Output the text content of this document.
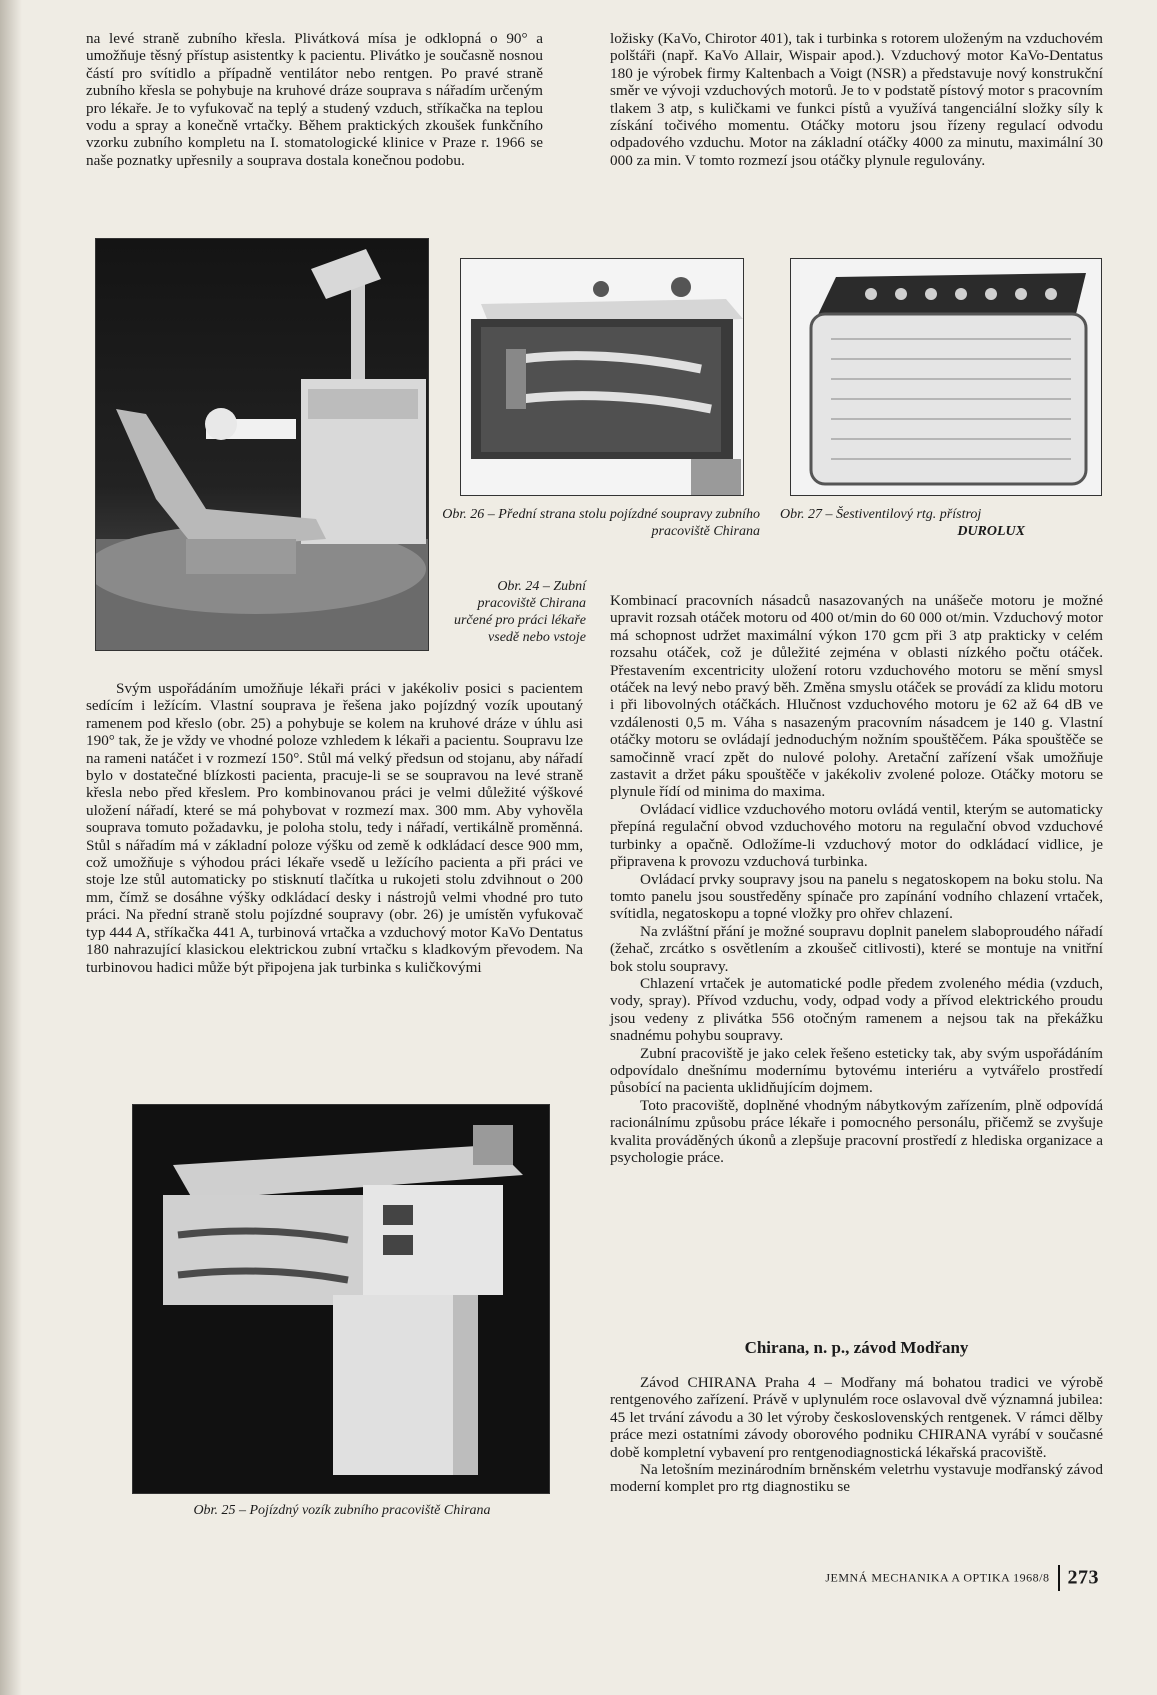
na levé straně zubního křesla. Plivátková mísa je odklopná o 90° a umožňuje těsný přístup asistentky k pacientu. Plivátko je současně nosnou částí pro svítidlo a případně ventilátor nebo rentgen. Po pravé straně zubního křesla se pohybuje na kruhové dráze souprava s nářadím určeným pro lékaře. Je to vyfukovač na teplý a studený vzduch, stříkačka na teplou vodu a spray a konečně vrtačky. Během praktických zkoušek funkčního vzorku zubního kompletu na I. stomatologické klinice v Praze r. 1966 se naše poznatky upřesnily a souprava dostala konečnou podobu.

ložisky (KaVo, Chirotor 401), tak i turbinka s rotorem uloženým na vzduchovém polštáři (např. KaVo Allair, Wispair apod.). Vzduchový motor KaVo-Dentatus 180 je výrobek firmy Kaltenbach a Voigt (NSR) a představuje nový konstrukční směr ve vývoji vzduchových motorů. Je to v podstatě pístový motor s pracovním tlakem 3 atp, s kuličkami ve funkci pístů a využívá tangenciální složky síly k získání točivého momentu. Otáčky motoru jsou řízeny regulací odvodu odpadového vzduchu. Motor na základní otáčky 4000 za minutu, maximální 30 000 za min. V tomto rozmezí jsou otáčky plynule regulovány.

Obr. 24 – Zubní pracoviště Chirana určené pro práci lékaře vsedě nebo vstoje
Obr. 26 – Přední strana stolu pojízdné soupravy zubního pracoviště Chirana
Obr. 27 – Šestiventilový rtg. přístroj
DUROLUX

Svým uspořádáním umožňuje lékaři práci v jakékoliv posici s pacientem sedícím i ležícím. Vlastní souprava je řešena jako pojízdný vozík upoutaný ramenem pod křeslo (obr. 25) a pohybuje se kolem na kruhové dráze v úhlu asi 190° tak, že je vždy ve vhodné poloze vzhledem k lékaři a pacientu. Soupravu lze na rameni natáčet i v rozmezí 150°. Stůl má velký předsun od stojanu, aby nářadí bylo v dostatečné blízkosti pacienta, pracuje-li se se soupravou na levé straně křesla nebo před křeslem. Pro kombinovanou práci je velmi důležité výškové uložení nářadí, které se má pohybovat v rozmezí max. 300 mm. Aby vyhověla souprava tomuto požadavku, je poloha stolu, tedy i nářadí, vertikálně proměnná. Stůl s nářadím má v základní poloze výšku od země k odkládací desce 900 mm, což umožňuje s výhodou práci lékaře vsedě u ležícího pacienta a při práci ve stoje lze stůl automaticky po stisknutí tlačítka u rukojeti stolu zdvihnout o 200 mm, čímž se dosáhne výšky odkládací desky i nástrojů velmi vhodné pro tuto práci. Na přední straně stolu pojízdné soupravy (obr. 26) je umístěn vyfukovač typ 444 A, stříkačka 441 A, turbinová vrtačka a vzduchový motor KaVo Dentatus 180 nahrazující klasickou elektrickou zubní vrtačku s kladkovým převodem. Na turbinovou hadici může být připojena jak turbinka s kuličkovými

Kombinací pracovních násadců nasazovaných na unášeče motoru je možné upravit rozsah otáček motoru od 400 ot/min do 60 000 ot/min. Vzduchový motor má schopnost udržet maximální výkon 170 gcm při 3 atp prakticky v celém rozsahu otáček, což je důležité zejména v oblasti nízkého počtu otáček. Přestavením excentricity uložení rotoru vzduchového motoru se mění smysl otáček na levý nebo pravý běh. Změna smyslu otáček se provádí za klidu motoru i při libovolných otáčkách. Hlučnost vzduchového motoru je 62 až 64 dB ve vzdálenosti 0,5 m. Váha s nasazeným pracovním násadcem je 140 g. Vlastní otáčky motoru se ovládají jednoduchým nožním spouštěčem. Páka spouštěče se samočinně vrací zpět do nulové polohy. Aretační zařízení však umožňuje zastavit a držet páku spouštěče v jakékoliv zvolené poloze. Otáčky motoru se plynule řídí od minima do maxima.

Ovládací vidlice vzduchového motoru ovládá ventil, kterým se automaticky přepíná regulační obvod vzduchového motoru na regulační obvod vzduchové turbinky a opačně. Odložíme-li vzduchový motor do odkládací vidlice, je připravena k provozu vzduchová turbinka.

Ovládací prvky soupravy jsou na panelu s negatoskopem na boku stolu. Na tomto panelu jsou soustředěny spínače pro zapínání vodního chlazení vrtaček, svítidla, negatoskopu a topné vložky pro ohřev chlazení.

Na zvláštní přání je možné soupravu doplnit panelem slaboproudého nářadí (žehač, zrcátko s osvětlením a zkoušeč citlivosti), které se montuje na vnitřní bok stolu soupravy.

Chlazení vrtaček je automatické podle předem zvoleného média (vzduch, vody, spray). Přívod vzduchu, vody, odpad vody a přívod elektrického proudu jsou vedeny z plivátka 556 otočným ramenem a nejsou tak na překážku snadnému pohybu soupravy.

Zubní pracoviště je jako celek řešeno esteticky tak, aby svým uspořádáním odpovídalo dnešnímu modernímu bytovému interiéru a vytvářelo prostředí působící na pacienta uklidňujícím dojmem.

Toto pracoviště, doplněné vhodným nábytkovým zařízením, plně odpovídá racionálnímu způsobu práce lékaře i pomocného personálu, přičemž se zvyšuje kvalita prováděných úkonů a zlepšuje pracovní prostředí z hlediska organizace a psychologie práce.

Obr. 25 – Pojízdný vozík zubního pracoviště Chirana
Chirana, n. p., závod Modřany

Závod CHIRANA Praha 4 – Modřany má bohatou tradici ve výrobě rentgenového zařízení. Právě v uplynulém roce oslavoval dvě významná jubilea: 45 let trvání závodu a 30 let výroby československých rentgenek. V rámci dělby práce mezi ostatními závody oborového podniku CHIRANA vyrábí v současné době kompletní vybavení pro rentgenodiagnostická lékařská pracoviště.

Na letošním mezinárodním brněnském veletrhu vystavuje modřanský závod moderní komplet pro rtg diagnostiku se

JEMNÁ MECHANIKA A OPTIKA 1968/8 273
